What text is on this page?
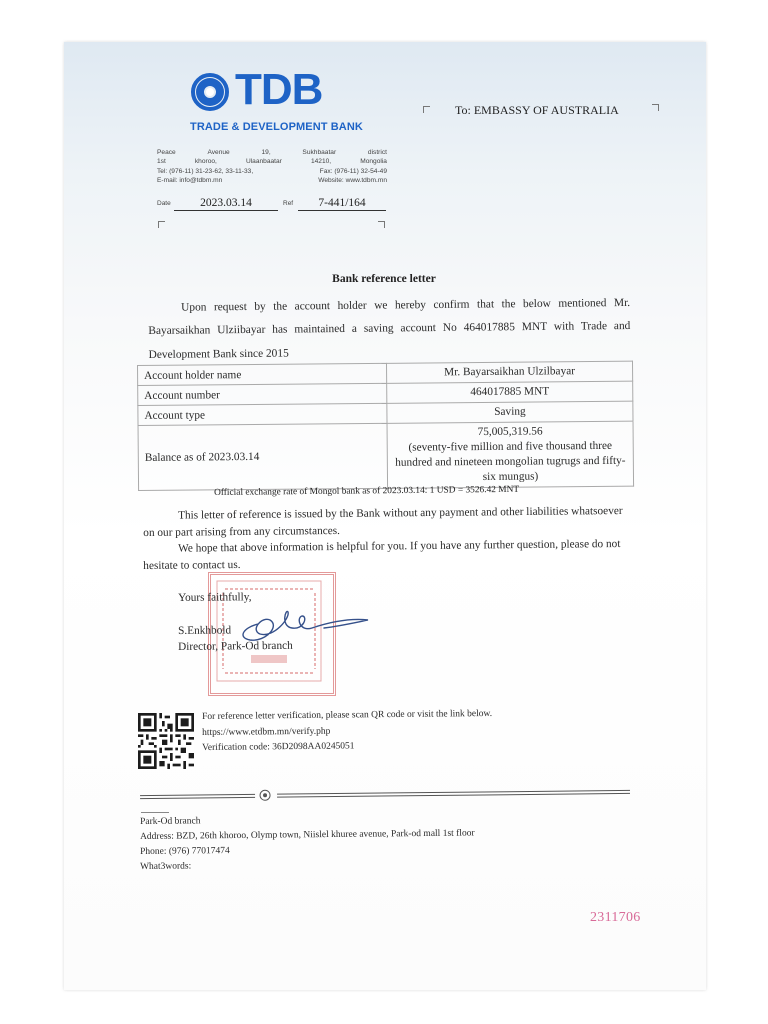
TDB
TRADE & DEVELOPMENT BANK
Peace	Avenue	19,	Sukhbaatar	district
1st	khoroo,	Ulaanbaatar	14210,	Mongolia
Tel: (976-11) 31-23-62, 33-11-33,	Fax: (976-11) 32-54-49
E-mail: info@tdbm.mn	Website: www.tdbm.mn
Date	2023.03.14	Ref	7-441/164
To: EMBASSY OF AUSTRALIA
Bank reference letter
Upon request by the account holder we hereby confirm that the below mentioned Mr. Bayarsaikhan Ulziibayar has maintained a saving account No 464017885 MNT with Trade and Development Bank since 2015
Account holder name	Mr. Bayarsaikhan Ulzilbayar
Account number	464017885 MNT
Account type	Saving
Balance as of 2023.03.14	75,005,319.56
(seventy-five million and five thousand three hundred and nineteen mongolian tugrugs and fifty-six mungus)
Official exchange rate of Mongol bank as of 2023.03.14: 1 USD = 3526.42 MNT
This letter of reference is issued by the Bank without any payment and other liabilities whatsoever on our part arising from any circumstances.
We hope that above information is helpful for you. If you have any further question, please do not hesitate to contact us.
Yours faithfully,
S.Enkhbold
Director, Park-Od branch
For reference letter verification, please scan QR code or visit the link below.
https://www.etdbm.mn/verify.php
Verification code: 36D2098AA0245051
Park-Od branch
Address: BZD, 26th khoroo, Olymp town, Niislel khuree avenue, Park-od mall 1st floor
Phone: (976) 77017474
What3words:
2311706
